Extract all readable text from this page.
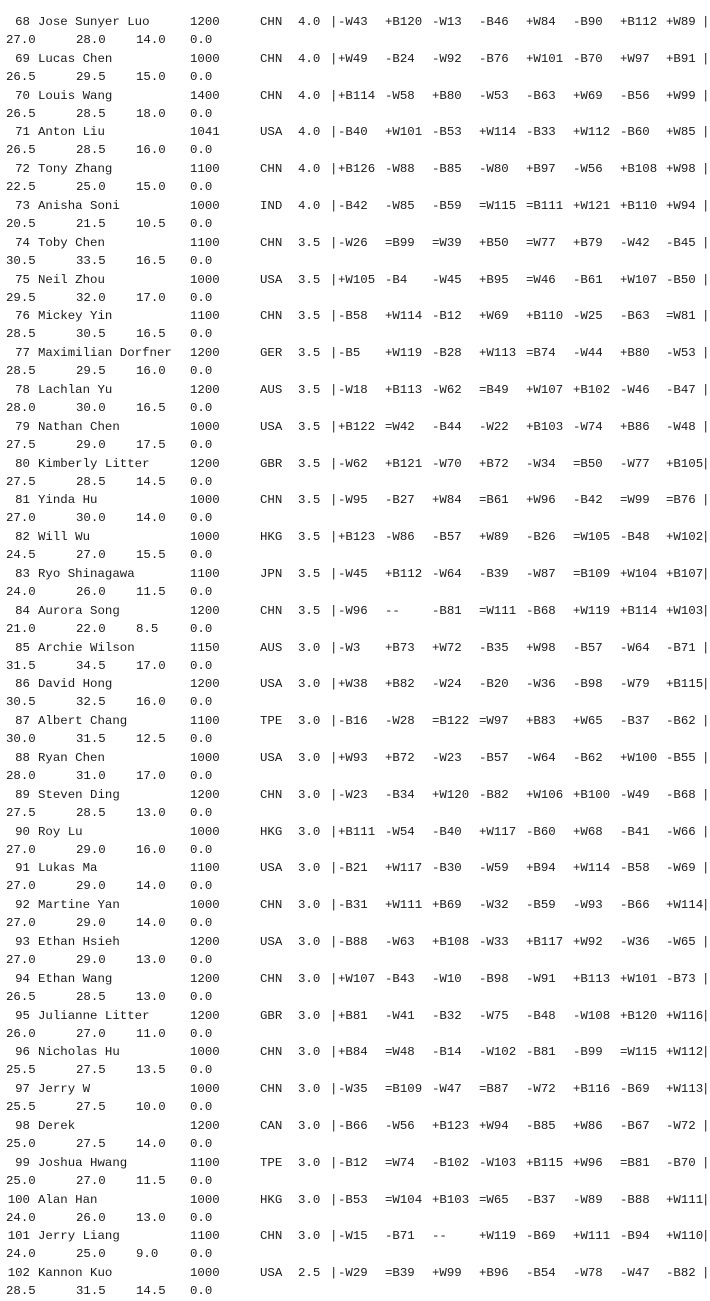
68 Jose Sunyer Luo	1200	CHN 4.0 | -W43 +B120 -W13 -B46 +W84 -B90 +B112 +W89 |
27.0	28.0 14.0 0.0
69 Lucas Chen	1000	CHN 4.0 | +W49 -B24 -W92 -B76 +W101 -B70 +W97 +B91 |
26.5	29.5 15.0 0.0
70 Louis Wang	1400	CHN 4.0 | +B114 -W58 +B80 -W53 -B63 +W69 -B56 +W99 |
26.5	28.5 18.0 0.0
71 Anton Liu	1041	USA 4.0 | -B40 +W101 -B53 +W114 -B33 +W112 -B60 +W85 |
26.5	28.5 16.0 0.0
72 Tony Zhang	1100	CHN 4.0 | +B126 -W88 -B85 -W80 +B97 -W56 +B108 +W98 |
22.5	25.0 15.0 0.0
73 Anisha Soni	1000	IND 4.0 | -B42 -W85 -B59 =W115 =B111 +W121 +B110 +W94 |
20.5	21.5 10.5 0.0
74 Toby Chen	1100	CHN 3.5 | -W26 =B99 =W39 +B50 =W77 +B79 -W42 -B45 |
30.5	33.5 16.5 0.0
75 Neil Zhou	1000	USA 3.5 | +W105 -B4 -W45 +B95 =W46 -B61 +W107 -B50 |
29.5	32.0 17.0 0.0
76 Mickey Yin	1100	CHN 3.5 | -B58 +W114 -B12 +W69 +B110 -W25 -B63 =W81 |
28.5	30.5 16.5 0.0
77 Maximilian Dorfner 1200	GER 3.5 | -B5 +W119 -B28 +W113 =B74 -W44 +B80 -W53 |
28.5	29.5 16.0 0.0
78 Lachlan Yu	1200	AUS 3.5 | -W18 +B113 -W62 =B49 +W107 +B102 -W46 -B47 |
28.0	30.0 16.5 0.0
79 Nathan Chen	1000	USA 3.5 | +B122 =W42 -B44 -W22 +B103 -W74 +B86 -W48 |
27.5	29.0 17.5 0.0
80 Kimberly Litter	1200	GBR 3.5 | -W62 +B121 -W70 +B72 -W34 =B50 -W77 +B105
|
27.5	28.5 14.5 0.0
81 Yinda Hu	1000	CHN 3.5 | -W95 -B27 +W84 =B61 +W96 -B42 =W99 =B76 |
27.0	30.0 14.0 0.0
82 Will Wu	1000	HKG 3.5 | +B123 -W86 -B57 +W89 -B26 =W105 -B48 +W102
|
24.5	27.0 15.5 0.0
83 Ryo Shinagawa	1100	JPN 3.5 | -W45 +B112 -W64 -B39 -W87 =B109 +W104 +B107
|
24.0	26.0 11.5 0.0
84 Aurora Song	1200	CHN 3.5 | -W96 --	-B81 =W111 -B68 +W119 +B114 +W103
|
21.0	22.0 8.5	0.0
85 Archie Wilson	1150	AUS 3.0 | -W3 +B73 +W72 -B35 +W98 -B57 -W64 -B71 |
31.5	34.5 17.0 0.0
86 David Hong	1200	USA 3.0 | +W38 +B82 -W24 -B20 -W36 -B98 -W79 +B115
|
30.5	32.5 16.0 0.0
87 Albert Chang	1100	TPE 3.0 | -B16 -W28 =B122 =W97 +B83 +W65 -B37 -B62 |
30.0	31.5 12.5 0.0
88 Ryan Chen	1000	USA 3.0 | +W93 +B72 -W23 -B57 -W64 -B62 +W100 -B55 |
28.0	31.0 17.0 0.0
89 Steven Ding	1200	CHN 3.0 | -W23 -B34 +W120 -B82 +W106 +B100 -W49 -B68 |
27.5	28.5 13.0 0.0
90 Roy Lu	1000	HKG 3.0 | +B111 -W54 -B40 +W117 -B60 +W68 -B41 -W66 |
27.0	29.0 16.0 0.0
91 Lukas Ma	1100	USA 3.0 | -B21 +W117 -B30 -W59 +B94 +W114 -B58 -W69 |
27.0	29.0 14.0 0.0
92 Martine Yan	1000	CHN 3.0 | -B31 +W111 +B69 -W32 -B59 -W93 -B66 +W114
|
27.0	29.0 14.0 0.0
93 Ethan Hsieh	1200	USA 3.0 | -B88 -W63 +B108 -W33 +B117 +W92 -W36 -W65 |
27.0	29.0 13.0 0.0
94 Ethan Wang	1200	CHN 3.0 | +W107 -B43 -W10 -B98 -W91 +B113 +W101 -B73 |
26.5	28.5 13.0 0.0
95 Julianne Litter	1200	GBR 3.0 | +B81 -W41 -B32 -W75 -B48 -W108 +B120 +W116
|
26.0	27.0 11.0 0.0
96 Nicholas Hu	1000	CHN 3.0 | +B84 =W48 -B14 -W102 -B81 -B99 =W115 +W112
|
25.5	27.5 13.5 0.0
97 Jerry W	1000	CHN 3.0 | -W35 =B109 -W47 =B87 -W72 +B116 -B69 +W113
|
25.5	27.5 10.0 0.0
98 Derek	1200	CAN 3.0 | -B66 -W56 +B123 +W94 -B85 +W86 -B67 -W72 |
25.0	27.5 14.0 0.0
99 Joshua Hwang	1100	TPE 3.0 | -B12 =W74 -B102 -W103 +B115 +W96 =B81 -B70 |
25.0	27.0 11.5 0.0
100 Alan Han	1000	HKG 3.0 | -B53 =W104 +B103 =W65 -B37 -W89 -B88 +W111
|
24.0	26.0 13.0 0.0
101 Jerry Liang	1100	CHN 3.0 | -W15 -B71 --	+W119 -B69 +W111 -B94 +W110
|
24.0	25.0 9.0	0.0
102 Kannon Kuo	1000	USA 2.5 | -W29 =B39 +W99 +B96 -B54 -W78 -W47 -B82 |
28.5	31.5 14.5 0.0
